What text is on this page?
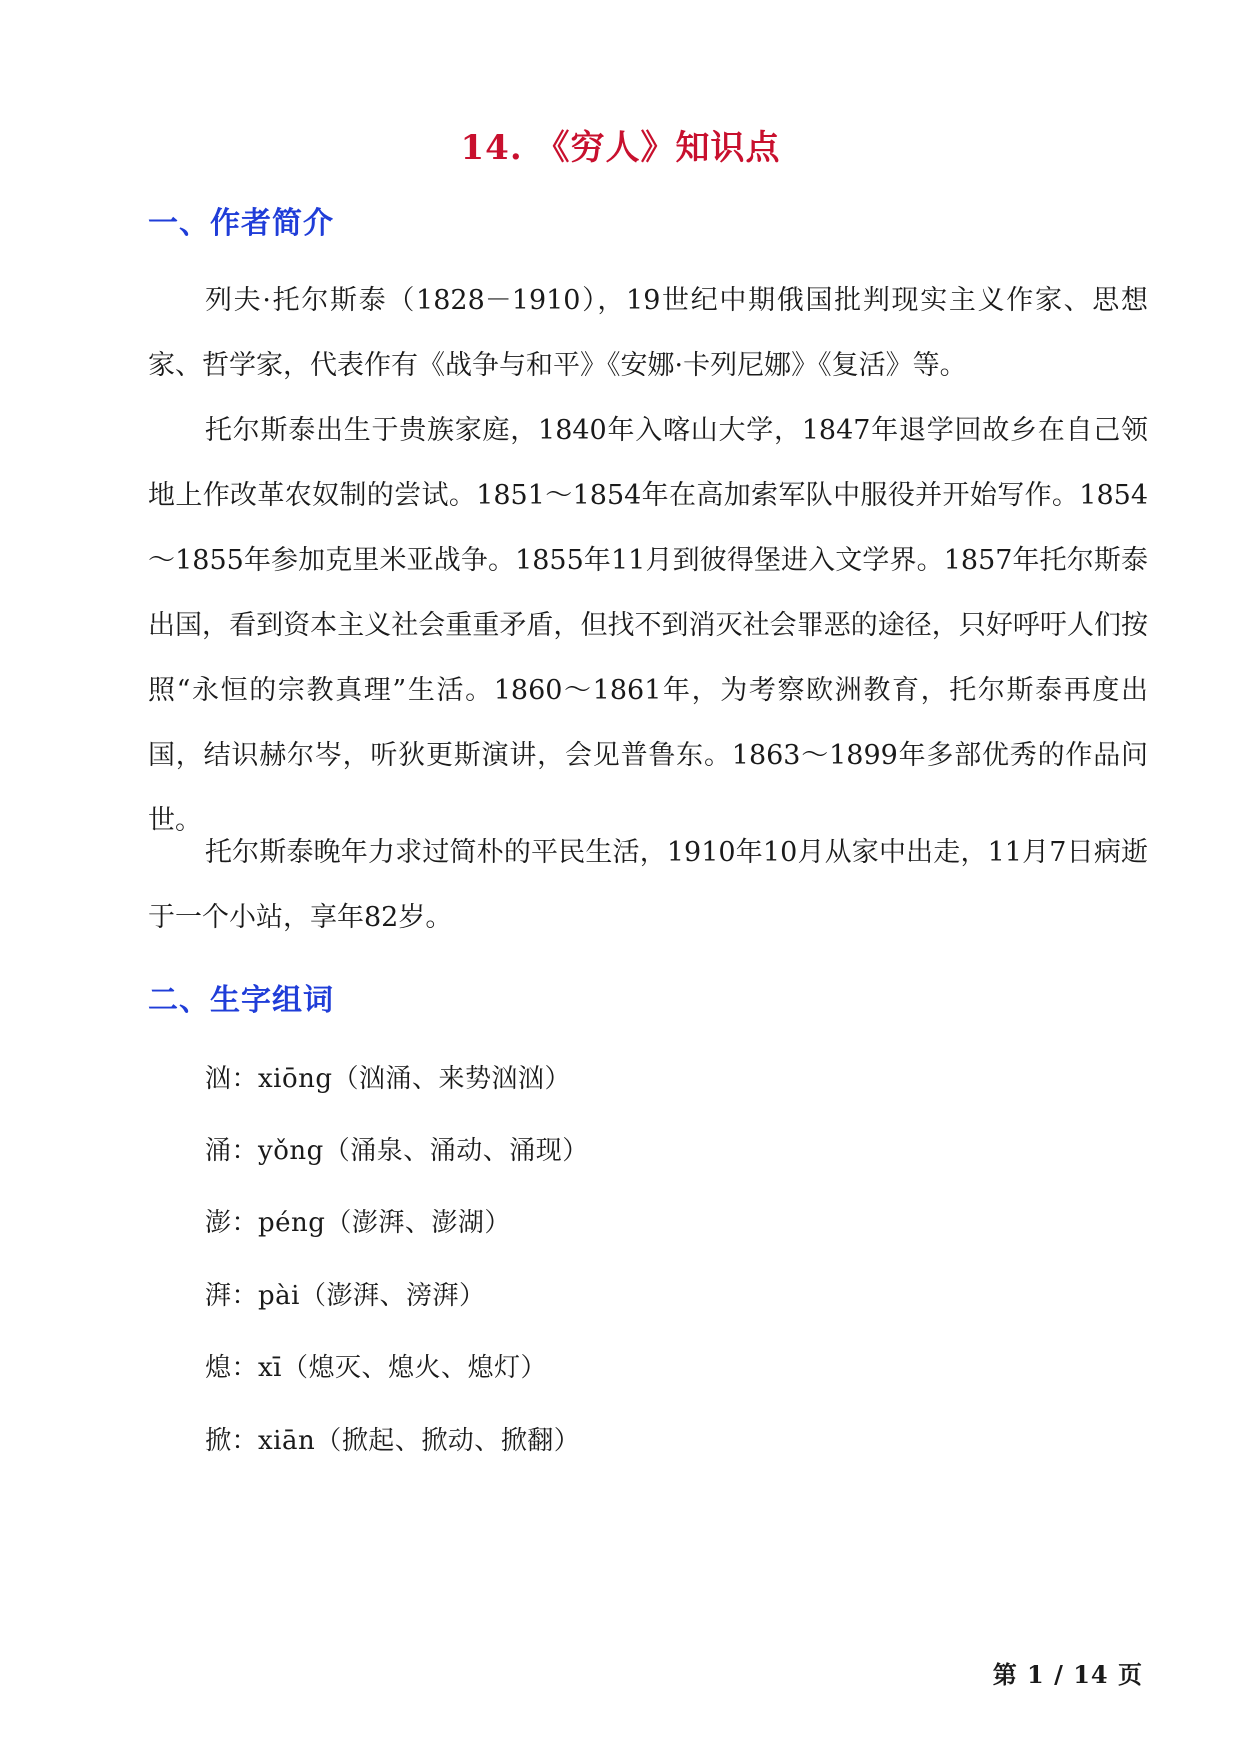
14. 《穷人》知识点
一、作者简介
列夫·托尔斯泰（1828－1910），19世纪中期俄国批判现实主义作家、思想家、哲学家，代表作有《战争与和平》《安娜·卡列尼娜》《复活》等。
托尔斯泰出生于贵族家庭，1840年入喀山大学，1847年退学回故乡在自己领地上作改革农奴制的尝试。1851～1854年在高加索军队中服役并开始写作。1854～1855年参加克里米亚战争。1855年11月到彼得堡进入文学界。1857年托尔斯泰出国，看到资本主义社会重重矛盾，但找不到消灭社会罪恶的途径，只好呼吁人们按照“永恒的宗教真理”生活。1860～1861年，为考察欧洲教育，托尔斯泰再度出国，结识赫尔岑，听狄更斯演讲，会见普鲁东。1863～1899年多部优秀的作品问世。
托尔斯泰晚年力求过简朴的平民生活，1910年10月从家中出走，11月7日病逝于一个小站，享年82岁。
二、生字组词
汹：xiōng（汹涌、来势汹汹）
涌：yǒng（涌泉、涌动、涌现）
澎：péng（澎湃、澎湖）
湃：pài（澎湃、滂湃）
熄：xī（熄灭、熄火、熄灯）
掀：xiān（掀起、掀动、掀翻）
第 1 / 14 页
